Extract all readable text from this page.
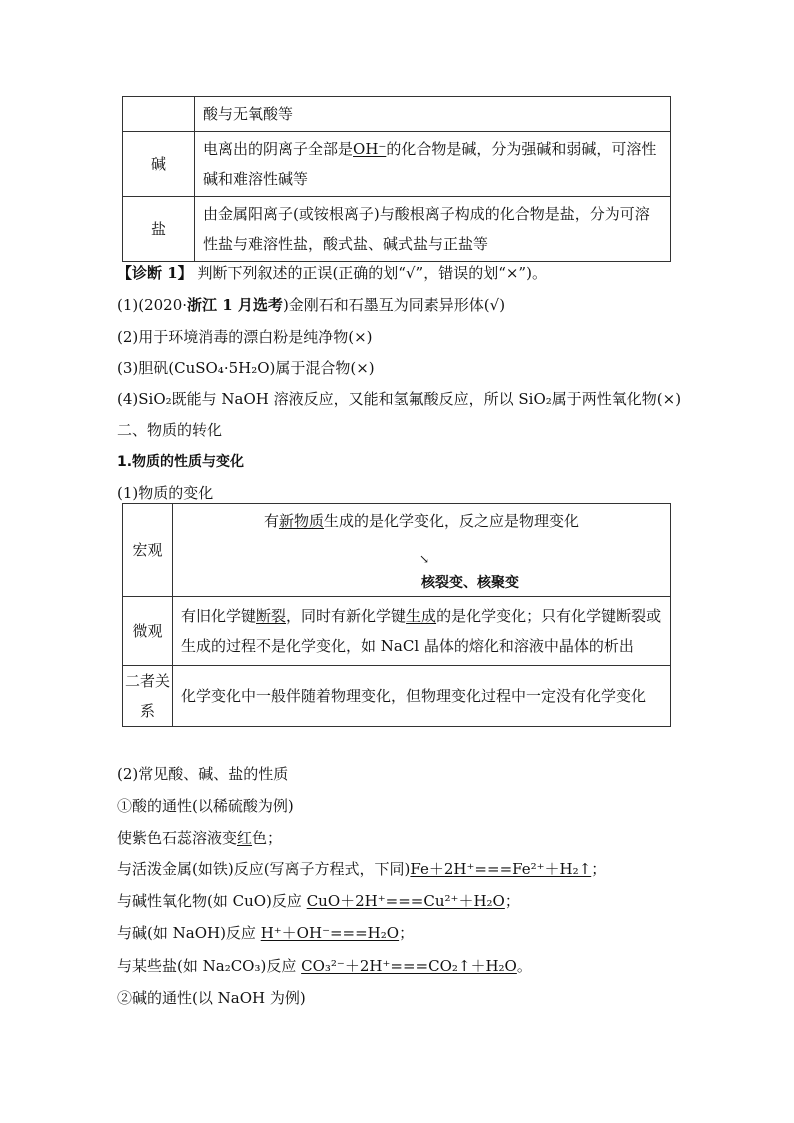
	酸与无氧酸等
碱	电离出的阴离子全部是OH⁻的化合物是碱，分为强碱和弱碱，可溶性碱和难溶性碱等
盐	由金属阳离子(或铵根离子)与酸根离子构成的化合物是盐，分为可溶性盐与难溶性盐，酸式盐、碱式盐与正盐等
【诊断 1】 判断下列叙述的正误(正确的划“√”，错误的划“×”)。
(1)(2020·浙江 1 月选考)金刚石和石墨互为同素异形体(√)
(2)用于环境消毒的漂白粉是纯净物(×)
(3)胆矾(CuSO₄·5H₂O)属于混合物(×)
(4)SiO₂既能与 NaOH 溶液反应，又能和氢氟酸反应，所以 SiO₂属于两性氧化物(×)
二、物质的转化
1.物质的性质与变化
(1)物质的变化
宏观	有新物质生成的是化学变化，反之应是物理变化
↘
核裂变、核聚变

微观	有旧化学键断裂，同时有新化学键生成的是化学变化；只有化学键断裂或生成的过程不是化学变化，如 NaCl 晶体的熔化和溶液中晶体的析出
二者关系	化学变化中一般伴随着物理变化，但物理变化过程中一定没有化学变化
(2)常见酸、碱、盐的性质
①酸的通性(以稀硫酸为例)
使紫色石蕊溶液变红色；
与活泼金属(如铁)反应(写离子方程式，下同)Fe＋2H⁺===Fe²⁺＋H₂↑；
与碱性氧化物(如 CuO)反应 CuO＋2H⁺===Cu²⁺＋H₂O；
与碱(如 NaOH)反应 H⁺＋OH⁻===H₂O；
与某些盐(如 Na₂CO₃)反应 CO₃²⁻＋2H⁺===CO₂↑＋H₂O。
②碱的通性(以 NaOH 为例)
